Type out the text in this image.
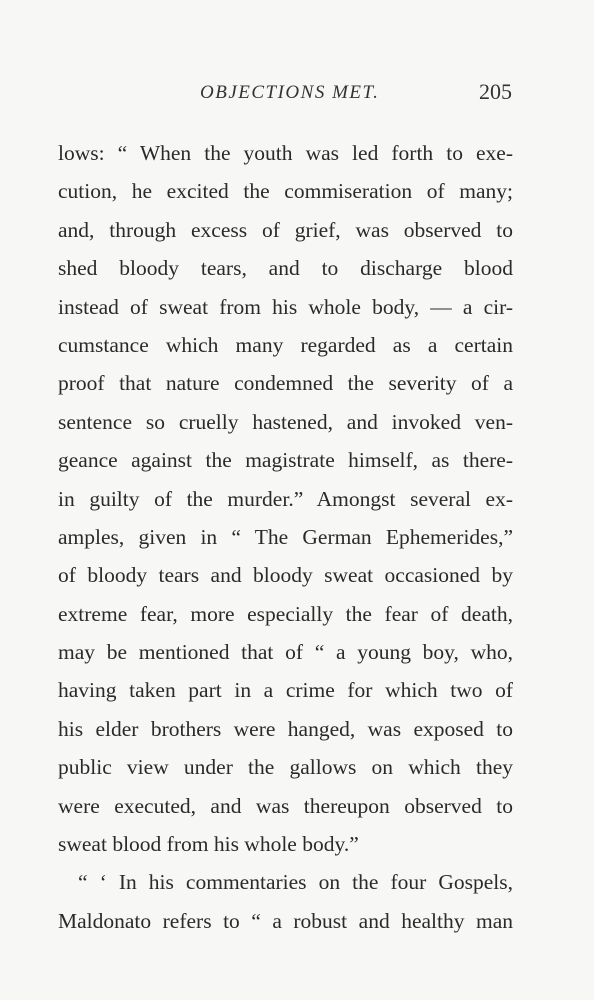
OBJECTIONS MET.	205
lows: “ When the youth was led forth to exe-
cution, he excited the commiseration of many;
and, through excess of grief, was observed to
shed bloody tears, and to discharge blood
instead of sweat from his whole body, — a cir-
cumstance which many regarded as a certain
proof that nature condemned the severity of a
sentence so cruelly hastened, and invoked ven-
geance against the magistrate himself, as there-
in guilty of the murder.” Amongst several ex-
amples, given in “ The German Ephemerides,”
of bloody tears and bloody sweat occasioned by
extreme fear, more especially the fear of death,
may be mentioned that of “ a young boy, who,
having taken part in a crime for which two of
his elder brothers were hanged, was exposed to
public view under the gallows on which they
were executed, and was thereupon observed to
sweat blood from his whole body.”
“ ‘ In his commentaries on the four Gospels,
Maldonato refers to “ a robust and healthy man
